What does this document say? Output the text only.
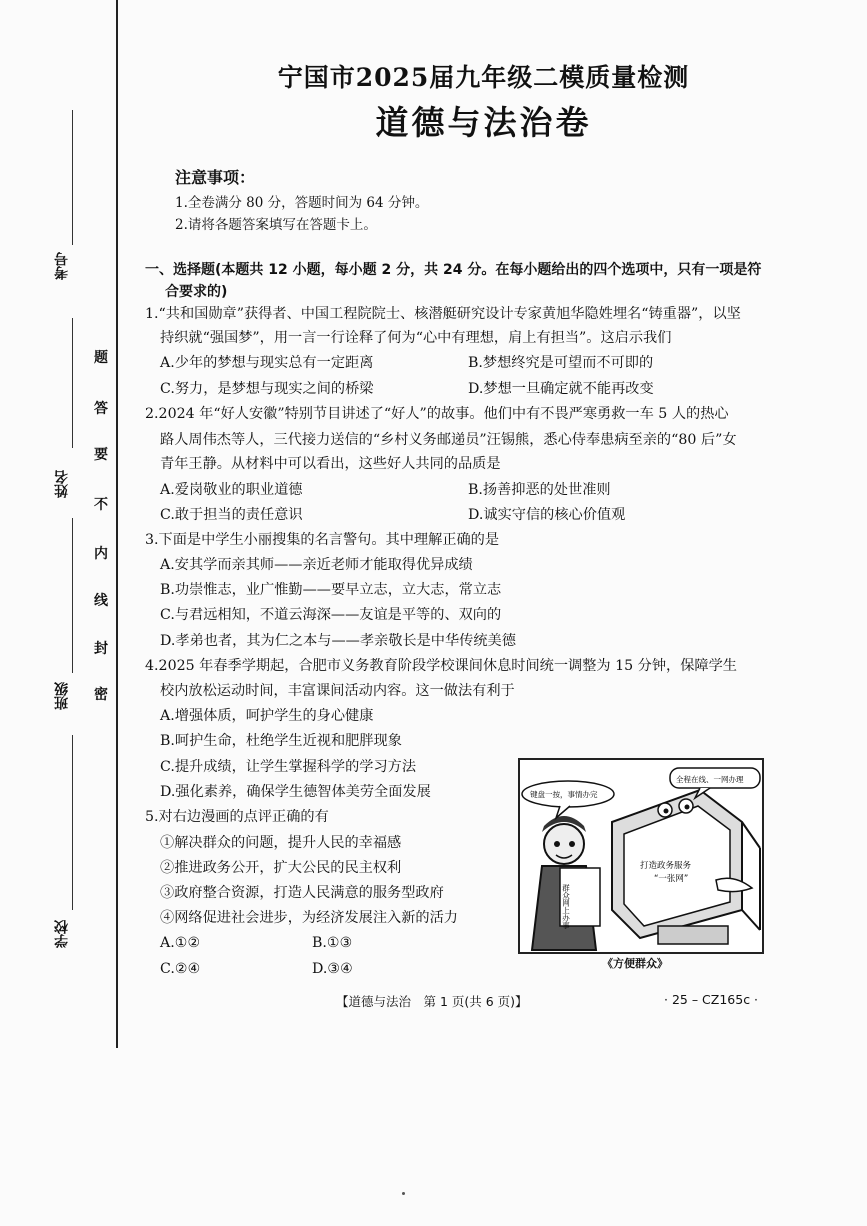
考号
姓名
班级
学校
题
答
要
不
内
线
封
密
宁国市2025届九年级二模质量检测
道德与法治卷
注意事项：
1.全卷满分 80 分，答题时间为 64 分钟。
2.请将各题答案填写在答题卡上。
一、选择题(本题共 12 小题，每小题 2 分，共 24 分。在每小题给出的四个选项中，只有一项是符
合要求的)
1.“共和国勋章”获得者、中国工程院院士、核潜艇研究设计专家黄旭华隐姓埋名“铸重器”，以坚
持织就“强国梦”，用一言一行诠释了何为“心中有理想，肩上有担当”。这启示我们
A.少年的梦想与现实总有一定距离	B.梦想终究是可望而不可即的
C.努力，是梦想与现实之间的桥梁	D.梦想一旦确定就不能再改变
2.2024 年“好人安徽”特别节目讲述了“好人”的故事。他们中有不畏严寒勇救一车 5 人的热心
路人周伟杰等人，三代接力送信的“乡村义务邮递员”汪锡熊，悉心侍奉患病至亲的“80 后”女
青年王静。从材料中可以看出，这些好人共同的品质是
A.爱岗敬业的职业道德	B.扬善抑恶的处世准则
C.敢于担当的责任意识	D.诚实守信的核心价值观
3.下面是中学生小丽搜集的名言警句。其中理解正确的是
A.安其学而亲其师——亲近老师才能取得优异成绩
B.功崇惟志，业广惟勤——要早立志，立大志，常立志
C.与君远相知，不道云海深——友谊是平等的、双向的
D.孝弟也者，其为仁之本与——孝亲敬长是中华传统美德
4.2025 年春季学期起，合肥市义务教育阶段学校课间休息时间统一调整为 15 分钟，保障学生
校内放松运动时间，丰富课间活动内容。这一做法有利于
A.增强体质，呵护学生的身心健康
B.呵护生命，杜绝学生近视和肥胖现象
C.提升成绩，让学生掌握科学的学习方法
D.强化素养，确保学生德智体美劳全面发展
5.对右边漫画的点评正确的有
①解决群众的问题，提升人民的幸福感
②推进政务公开，扩大公民的民主权利
③政府整合资源，打造人民满意的服务型政府
④网络促进社会进步，为经济发展注入新的活力
A.①②	B.①③
C.②④	D.③④
打造政务服务
“一张网”
群众网上办事
键盘一按，事情办完
全程在线、一网办理
《方便群众》
【道德与法治　第 1 页(共 6 页)】	· 25 – CZ165c ·
